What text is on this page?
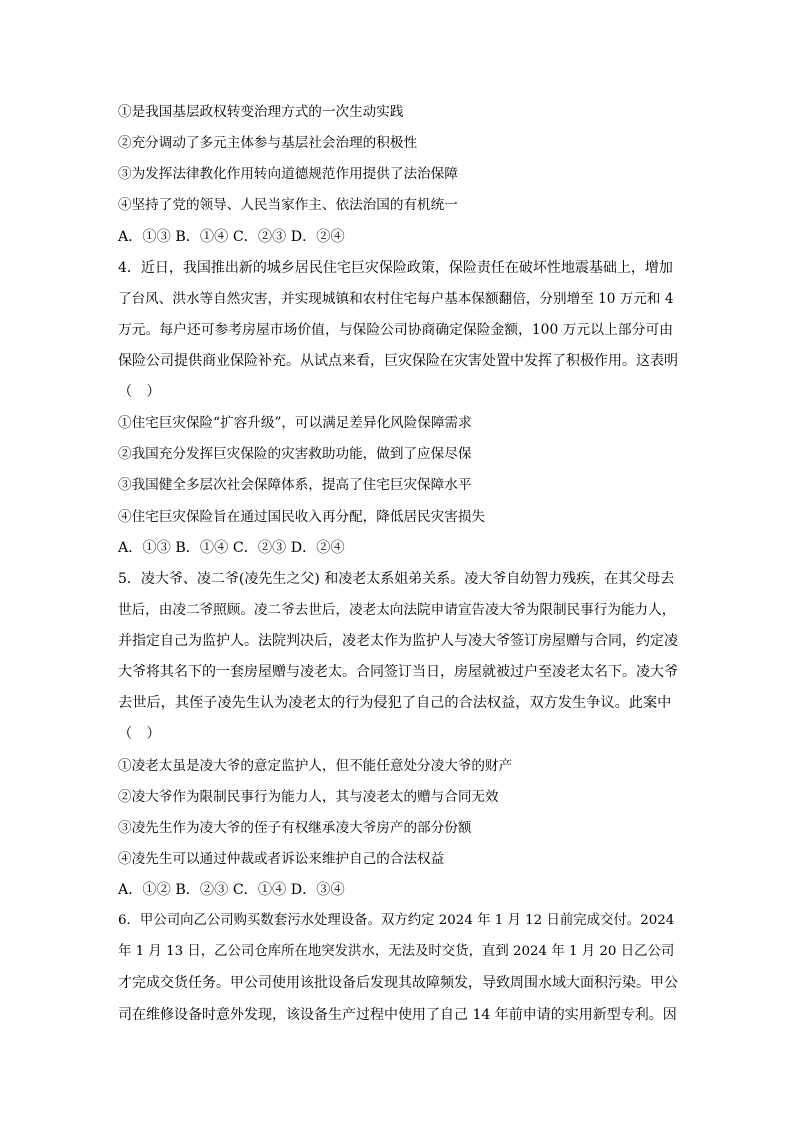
①是我国基层政权转变治理方式的一次生动实践
②充分调动了多元主体参与基层社会治理的积极性
③为发挥法律教化作用转向道德规范作用提供了法治保障
④坚持了党的领导、人民当家作主、依法治国的有机统一
A．①③ B．①④ C．②③ D．②④
4．近日，我国推出新的城乡居民住宅巨灾保险政策，保险责任在破坏性地震基础上，增加
了台风、洪水等自然灾害，并实现城镇和农村住宅每户基本保额翻倍，分别增至 10 万元和 4
万元。每户还可参考房屋市场价值，与保险公司协商确定保险金额，100 万元以上部分可由
保险公司提供商业保险补充。从试点来看，巨灾保险在灾害处置中发挥了积极作用。这表明
（　）
①住宅巨灾保险“扩容升级”，可以满足差异化风险保障需求
②我国充分发挥巨灾保险的灾害救助功能，做到了应保尽保
③我国健全多层次社会保障体系，提高了住宅巨灾保障水平
④住宅巨灾保险旨在通过国民收入再分配，降低居民灾害损失
A．①③ B．①④ C．②③ D．②④
5．凌大爷、凌二爷(凌先生之父) 和凌老太系姐弟关系。凌大爷自幼智力残疾，在其父母去
世后，由凌二爷照顾。凌二爷去世后，凌老太向法院申请宣告凌大爷为限制民事行为能力人，
并指定自己为监护人。法院判决后，凌老太作为监护人与凌大爷签订房屋赠与合同，约定凌
大爷将其名下的一套房屋赠与凌老太。合同签订当日，房屋就被过户至凌老太名下。凌大爷
去世后，其侄子凌先生认为凌老太的行为侵犯了自己的合法权益，双方发生争议。此案中
（　）
①凌老太虽是凌大爷的意定监护人，但不能任意处分凌大爷的财产
②凌大爷作为限制民事行为能力人，其与凌老太的赠与合同无效
③凌先生作为凌大爷的侄子有权继承凌大爷房产的部分份额
④凌先生可以通过仲裁或者诉讼来维护自己的合法权益
A．①② B．②③ C．①④ D．③④
6．甲公司向乙公司购买数套污水处理设备。双方约定 2024 年 1 月 12 日前完成交付。2024
年 1 月 13 日，乙公司仓库所在地突发洪水，无法及时交货，直到 2024 年 1 月 20 日乙公司
才完成交货任务。甲公司使用该批设备后发现其故障频发，导致周围水域大面积污染。甲公
司在维修设备时意外发现，该设备生产过程中使用了自己 14 年前申请的实用新型专利。因
